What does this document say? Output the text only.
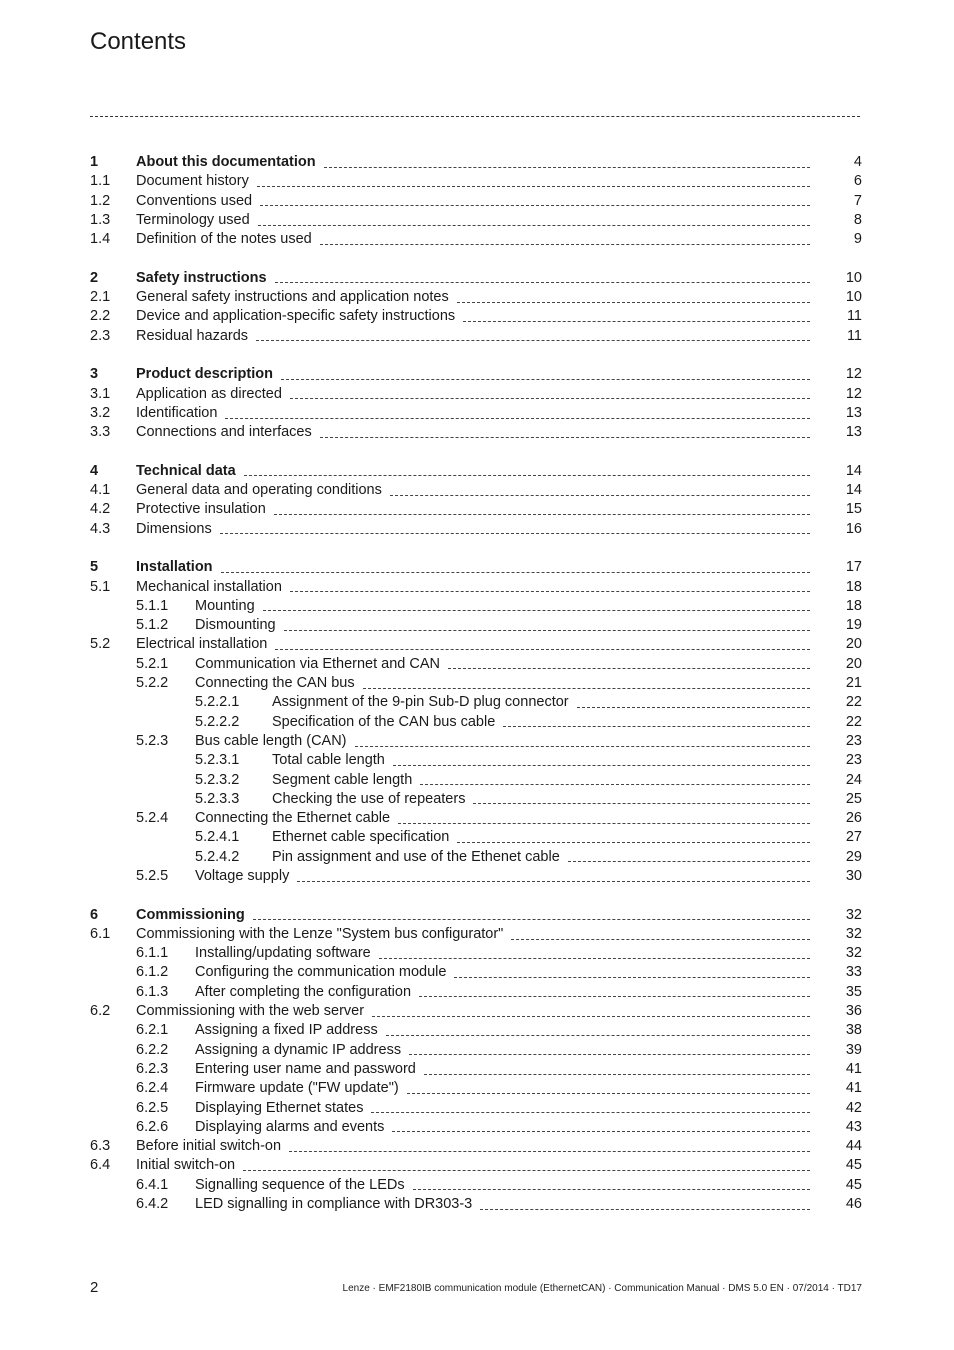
Contents
1	About this documentation	4
1.1 Document history	6
1.2 Conventions used	7
1.3 Terminology used	8
1.4 Definition of the notes used	9
2	Safety instructions	10
2.1 General safety instructions and application notes	10
2.2 Device and application-specific safety instructions	11
2.3 Residual hazards	11
3	Product description	12
3.1 Application as directed	12
3.2 Identification	13
3.3 Connections and interfaces	13
4	Technical data	14
4.1 General data and operating conditions	14
4.2 Protective insulation	15
4.3 Dimensions	16
5	Installation	17
5.1 Mechanical installation	18
5.1.1 Mounting	18
5.1.2 Dismounting	19
5.2 Electrical installation	20
5.2.1 Communication via Ethernet and CAN	20
5.2.2 Connecting the CAN bus	21
5.2.2.1 Assignment of the 9-pin Sub-D plug connector	22
5.2.2.2 Specification of the CAN bus cable	22
5.2.3 Bus cable length (CAN)	23
5.2.3.1 Total cable length	23
5.2.3.2 Segment cable length	24
5.2.3.3 Checking the use of repeaters	25
5.2.4 Connecting the Ethernet cable	26
5.2.4.1 Ethernet cable specification	27
5.2.4.2 Pin assignment and use of the Ethenet cable	29
5.2.5 Voltage supply	30
6	Commissioning	32
6.1 Commissioning with the Lenze "System bus configurator"	32
6.1.1 Installing/updating software	32
6.1.2 Configuring the communication module	33
6.1.3 After completing the configuration	35
6.2 Commissioning with the web server	36
6.2.1 Assigning a fixed IP address	38
6.2.2 Assigning a dynamic IP address	39
6.2.3 Entering user name and password	41
6.2.4 Firmware update ("FW update")	41
6.2.5 Displaying Ethernet states	42
6.2.6 Displaying alarms and events	43
6.3 Before initial switch-on	44
6.4 Initial switch-on	45
6.4.1 Signalling sequence of the LEDs	45
6.4.2 LED signalling in compliance with DR303-3	46
2	Lenze · EMF2180IB communication module (EthernetCAN) · Communication Manual · DMS 5.0 EN · 07/2014 · TD17
